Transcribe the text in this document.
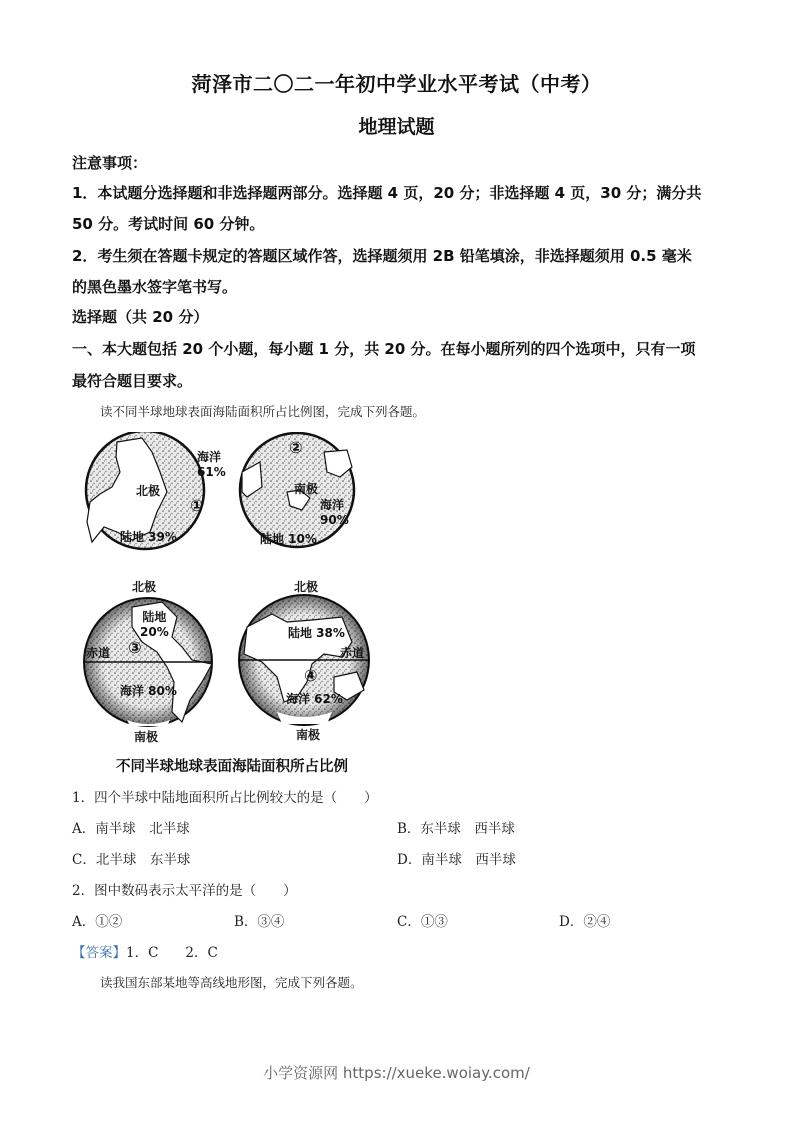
菏泽市二〇二一年初中学业水平考试（中考）
地理试题
注意事项：
1．本试题分选择题和非选择题两部分。选择题 4 页，20 分；非选择题 4 页，30 分；满分共
50 分。考试时间 60 分钟。
2．考生须在答题卡规定的答题区域作答，选择题须用 2B 铅笔填涂，非选择题须用 0.5 毫米
的黑色墨水签字笔书写。
选择题（共 20 分）
一、本大题包括 20 个小题，每小题 1 分，共 20 分。在每小题所列的四个选项中，只有一项
最符合题目要求。
读不同半球地球表面海陆面积所占比例图，完成下列各题。
海洋
61%
北极
①
陆地 39%
②
南极
海洋
90%
陆地 10%
北极
陆地
20%
赤道 ③
海洋 80%
南极
北极
陆地 38%
赤道
④
海洋 62%
南极
不同半球地球表面海陆面积所占比例
1．四个半球中陆地面积所占比例较大的是（　　）
A．南半球　北半球	B．东半球　西半球
C．北半球　东半球	D．南半球　西半球
2．图中数码表示太平洋的是（　　）
A．①②	B．③④	C．①③	D．②④
【答案】1．C　　2．C
读我国东部某地等高线地形图，完成下列各题。
小学资源网 https://xueke.woiay.com/
